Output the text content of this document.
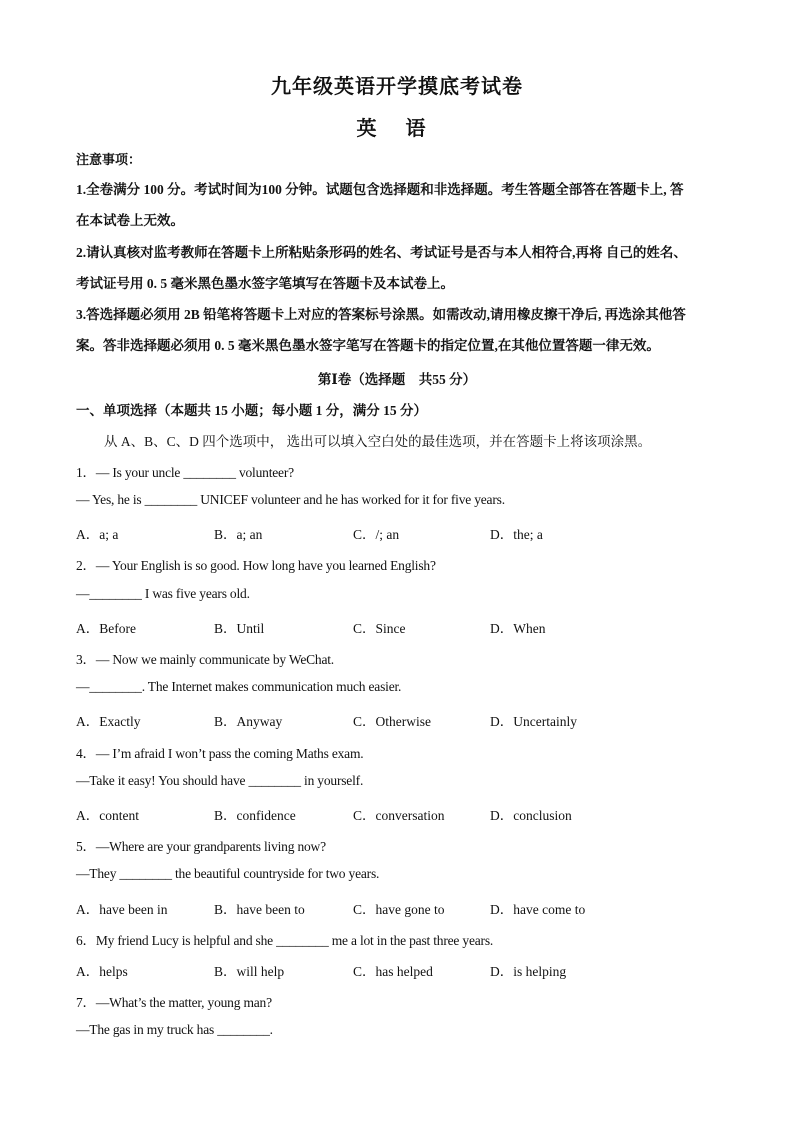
九年级英语开学摸底考试卷
英 语
注意事项：
1.全卷满分 100 分。考试时间为100 分钟。试题包含选择题和非选择题。考生答题全部答在答题卡上, 答
在本试卷上无效。
2.请认真核对监考教师在答题卡上所粘贴条形码的姓名、考试证号是否与本人相符合,再将 自己的姓名、
考试证号用 0. 5 毫米黑色墨水签字笔填写在答题卡及本试卷上。
3.答选择题必须用 2B 铅笔将答题卡上对应的答案标号涂黑。如需改动,请用橡皮擦干净后, 再选涂其他答
案。答非选择题必须用 0. 5 毫米黑色墨水签字笔写在答题卡的指定位置,在其他位置答题一律无效。
第Ⅰ卷（选择题　共55 分）
一、单项选择（本题共 15 小题；每小题 1 分，满分 15 分）
从 A、B、C、D 四个选项中， 选出可以填入空白处的最佳选项，并在答题卡上将该项涂黑。
1．— Is your uncle ________ volunteer?
— Yes, he is ________ UNICEF volunteer and he has worked for it for five years.
A．a; a	B．a; an	C．/; an	D．the; a
2．— Your English is so good. How long have you learned English?
—________ I was five years old.
A．Before	B．Until	C．Since	D．When
3．— Now we mainly communicate by WeChat.
—________. The Internet makes communication much easier.
A．Exactly	B．Anyway	C．Otherwise	D．Uncertainly
4．— I’m afraid I won’t pass the coming Maths exam.
—Take it easy! You should have ________ in yourself.
A．content	B．confidence	C．conversation	D．conclusion
5．—Where are your grandparents living now?
—They ________ the beautiful countryside for two years.
A．have been in	B．have been to	C．have gone to	D．have come to
6．My friend Lucy is helpful and she ________ me a lot in the past three years.
A．helps	B．will help	C．has helped	D．is helping
7．—What’s the matter, young man?
—The gas in my truck has ________.
